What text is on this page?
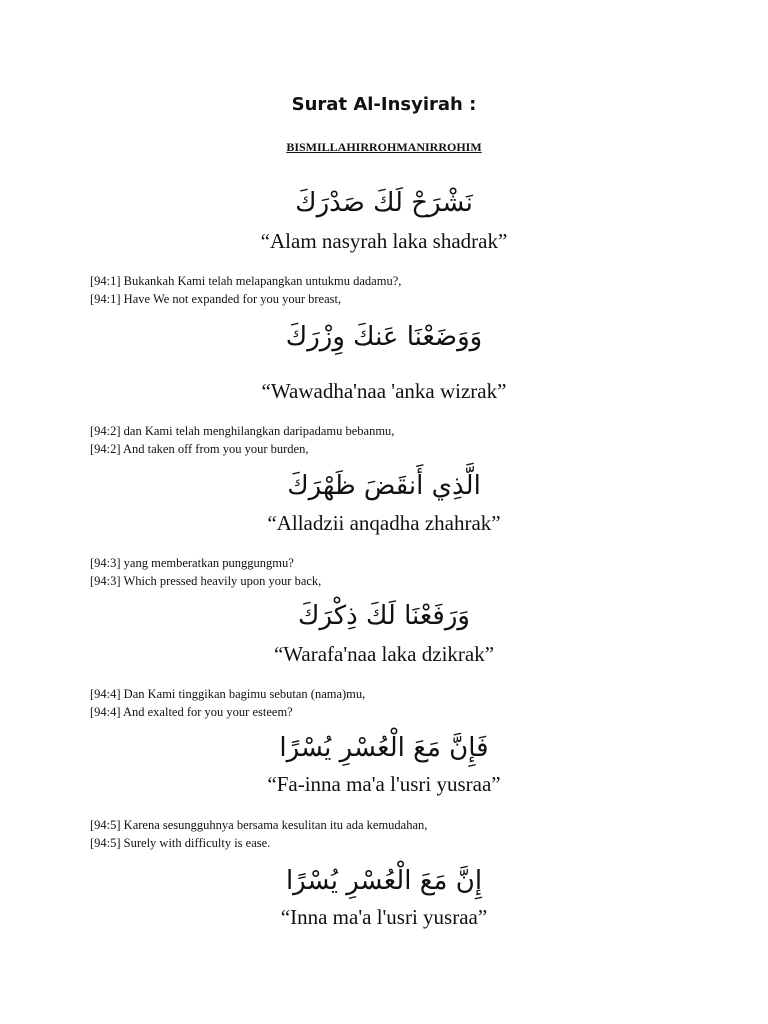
Surat Al-Insyirah :
BISMILLAHIRROHMANIRROHIM
نَشْرَحْ لَكَ صَدْرَكَ
“Alam nasyrah laka shadrak”
[94:1] Bukankah Kami telah melapangkan untukmu dadamu?,
[94:1] Have We not expanded for you your breast,
وَوَضَعْنَا عَنكَ وِزْرَكَ
“Wawadha'naa 'anka wizrak”
[94:2] dan Kami telah menghilangkan daripadamu bebanmu,
[94:2] And taken off from you your burden,
الَّذِي أَنقَضَ ظَهْرَكَ
“Alladzii anqadha zhahrak”
[94:3] yang memberatkan punggungmu?
[94:3] Which pressed heavily upon your back,
وَرَفَعْنَا لَكَ ذِكْرَكَ
“Warafa'naa laka dzikrak”
[94:4] Dan Kami tinggikan bagimu sebutan (nama)mu,
[94:4] And exalted for you your esteem?
فَإِنَّ مَعَ الْعُسْرِ يُسْرًا
“Fa-inna ma'a l'usri yusraa”
[94:5] Karena sesungguhnya bersama kesulitan itu ada kemudahan,
[94:5] Surely with difficulty is ease.
إِنَّ مَعَ الْعُسْرِ يُسْرًا
“Inna ma'a l'usri yusraa”
